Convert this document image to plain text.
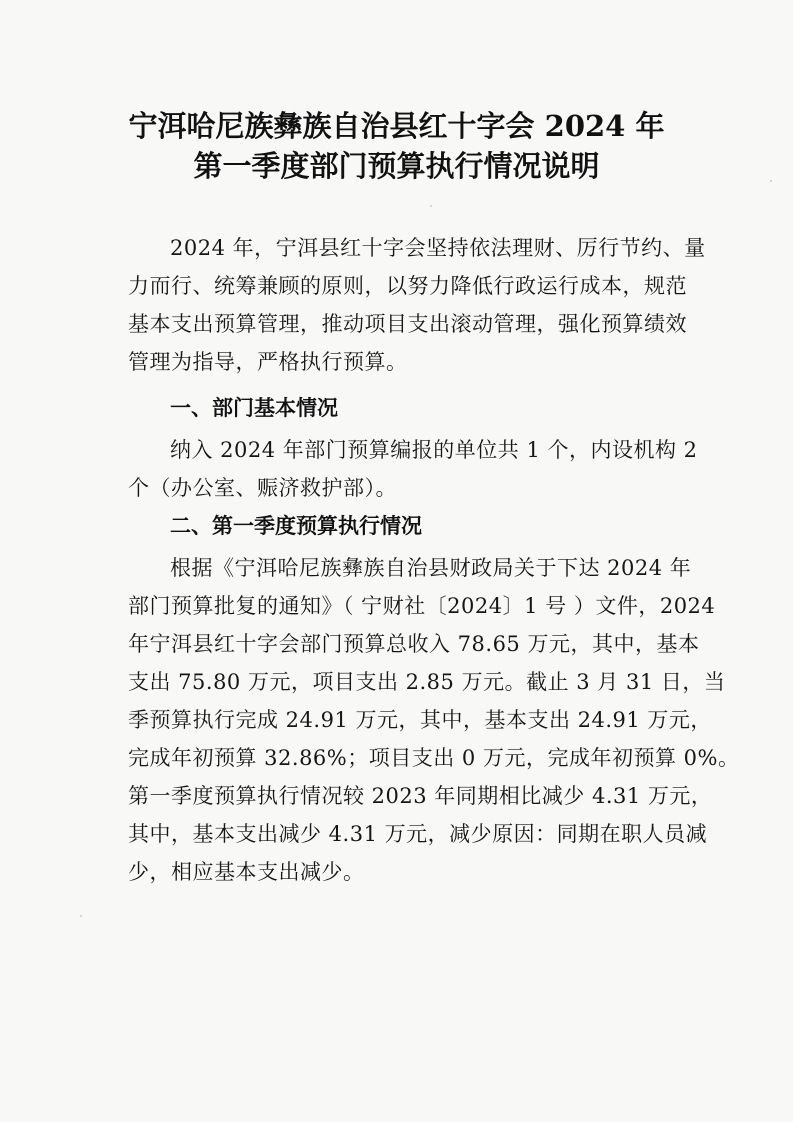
宁洱哈尼族彝族自治县红十字会 2024 年
第一季度部门预算执行情况说明
2024 年，宁洱县红十字会坚持依法理财、厉行节约、量
力而行、统筹兼顾的原则，以努力降低行政运行成本，规范
基本支出预算管理，推动项目支出滚动管理，强化预算绩效
管理为指导，严格执行预算。
一、部门基本情况
纳入 2024 年部门预算编报的单位共 1 个，内设机构 2
个（办公室、赈济救护部）。
二、第一季度预算执行情况
根据《宁洱哈尼族彝族自治县财政局关于下达 2024 年
部门预算批复的通知》（ 宁财社〔2024〕1 号 ）文件，2024
年宁洱县红十字会部门预算总收入 78.65 万元，其中，基本
支出 75.80 万元，项目支出 2.85 万元。截止 3 月 31 日，当
季预算执行完成 24.91 万元，其中，基本支出 24.91 万元，
完成年初预算 32.86%；项目支出 0 万元，完成年初预算 0%。
第一季度预算执行情况较 2023 年同期相比减少 4.31 万元，
其中，基本支出减少 4.31 万元，减少原因：同期在职人员减
少，相应基本支出减少。
